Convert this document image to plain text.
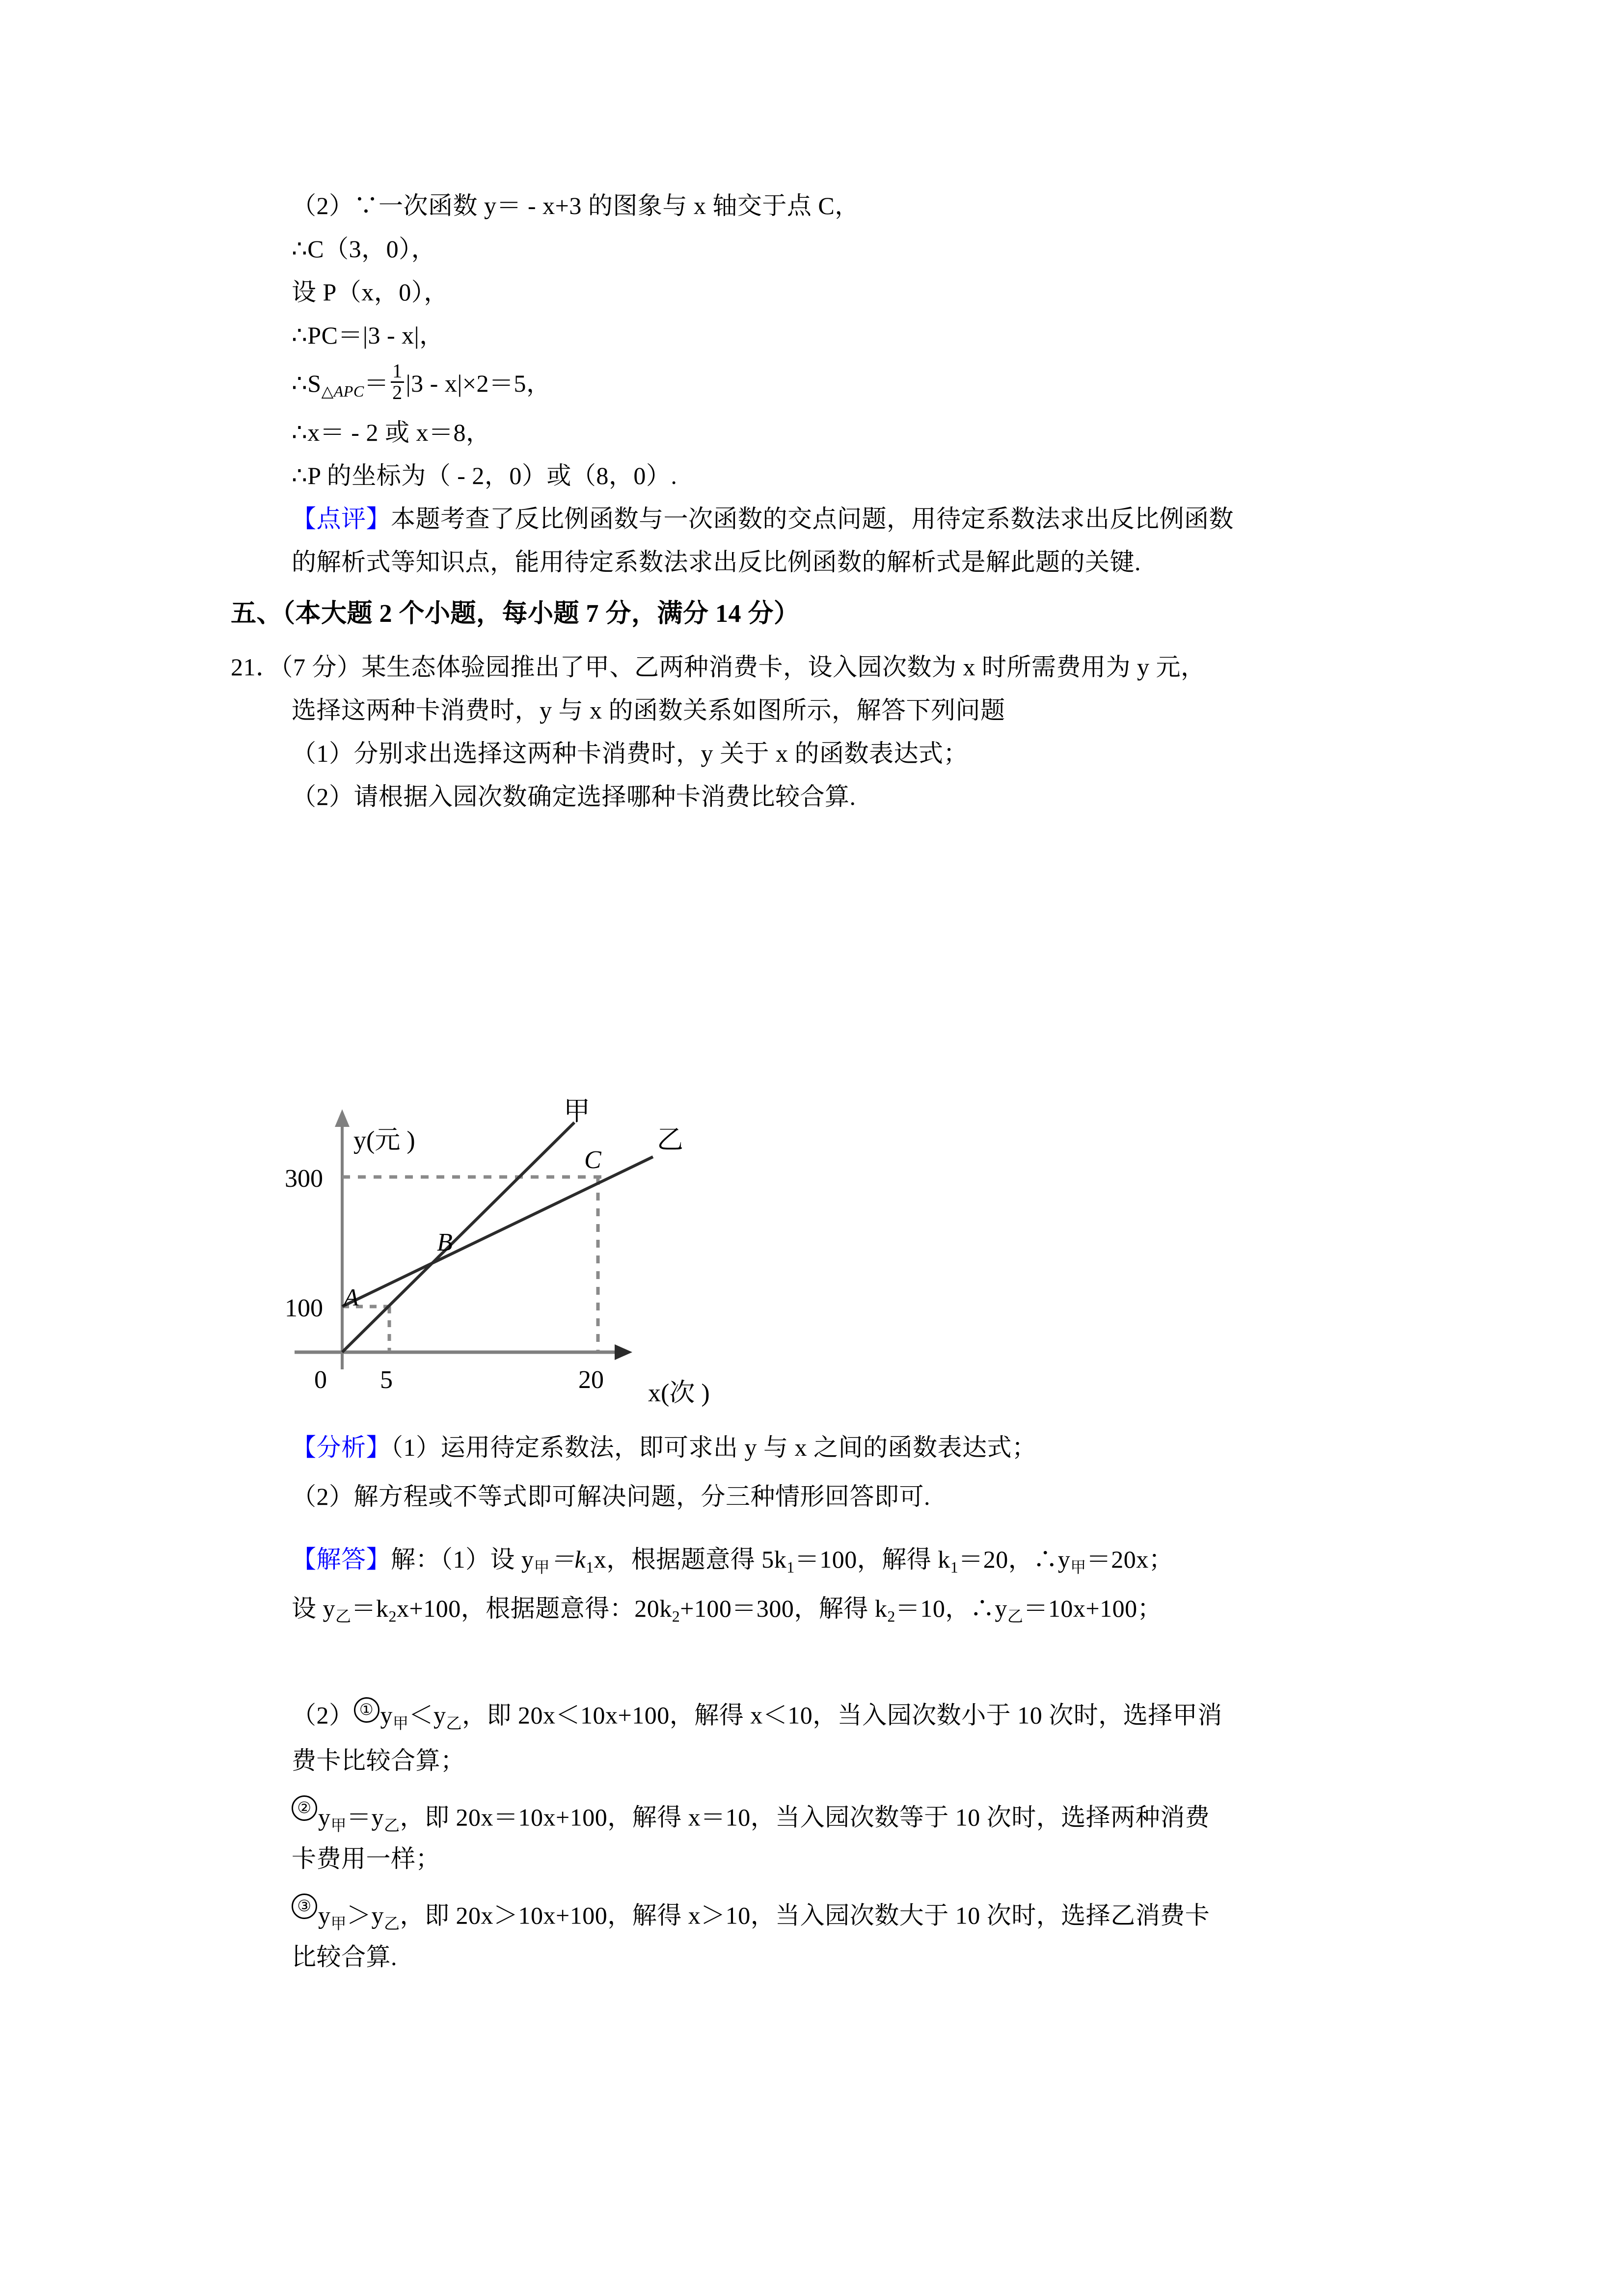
（2）∵一次函数 y＝ - x+3 的图象与 x 轴交于点 C，
∴C（3，0），
设 P（x，0），
∴PC＝|3 - x|，
$\therefore S_{\triangle APC}= \frac{1}{2} |3 - x|\times 2=5$，
∴x＝ - 2 或 x＝8，
∴P 的坐标为（ - 2，0）或（8，0）.
【点评】本题考查了反比例函数与一次函数的交点问题，用待定系数法求出反比例函数
的解析式等知识点，能用待定系数法求出反比例函数的解析式是解此题的关键.
五、（本大题 2 个小题，每小题 7 分，满分 14 分）
21．（7 分）某生态体验园推出了甲、乙两种消费卡，设入园次数为 x 时所需费用为 y 元，
选择这两种卡消费时，y 与 x 的函数关系如图所示，解答下列问题
（1）分别求出选择这两种卡消费时，y 关于 x 的函数表达式；
（2）请根据入园次数确定选择哪种卡消费比较合算.
300
100
0 5	20
y(元 )
x(次 )
甲
乙
A
B
C
【分析】（1）运用待定系数法，即可求出 y 与 x 之间的函数表达式；
（2）解方程或不等式即可解决问题，分三种情形回答即可.
【解答】解：（1）设 $y_甲=k_1x$，根据题意得 $5k_1=100$，解得 $k_1=20$，$\therefore y_甲=20x$；
设 $y_乙=k_2x+100$，根据题意得：$20k_2+100=300$，解得 $k_2=10$，$\therefore y_乙=10x+100$；
（2） ① $y_甲<y_乙$，即 20x＜10x+100，解得 x＜10，当入园次数小于 10 次时，选择甲消
费卡比较合算；
② $y_甲=y_乙$，即 20x＝10x+100，解得 x＝10，当入园次数等于 10 次时，选择两种消费
卡费用一样；
③ $y_甲>y_乙$，即 20x＞10x+100，解得 x＞10，当入园次数大于 10 次时，选择乙消费卡
比较合算.
